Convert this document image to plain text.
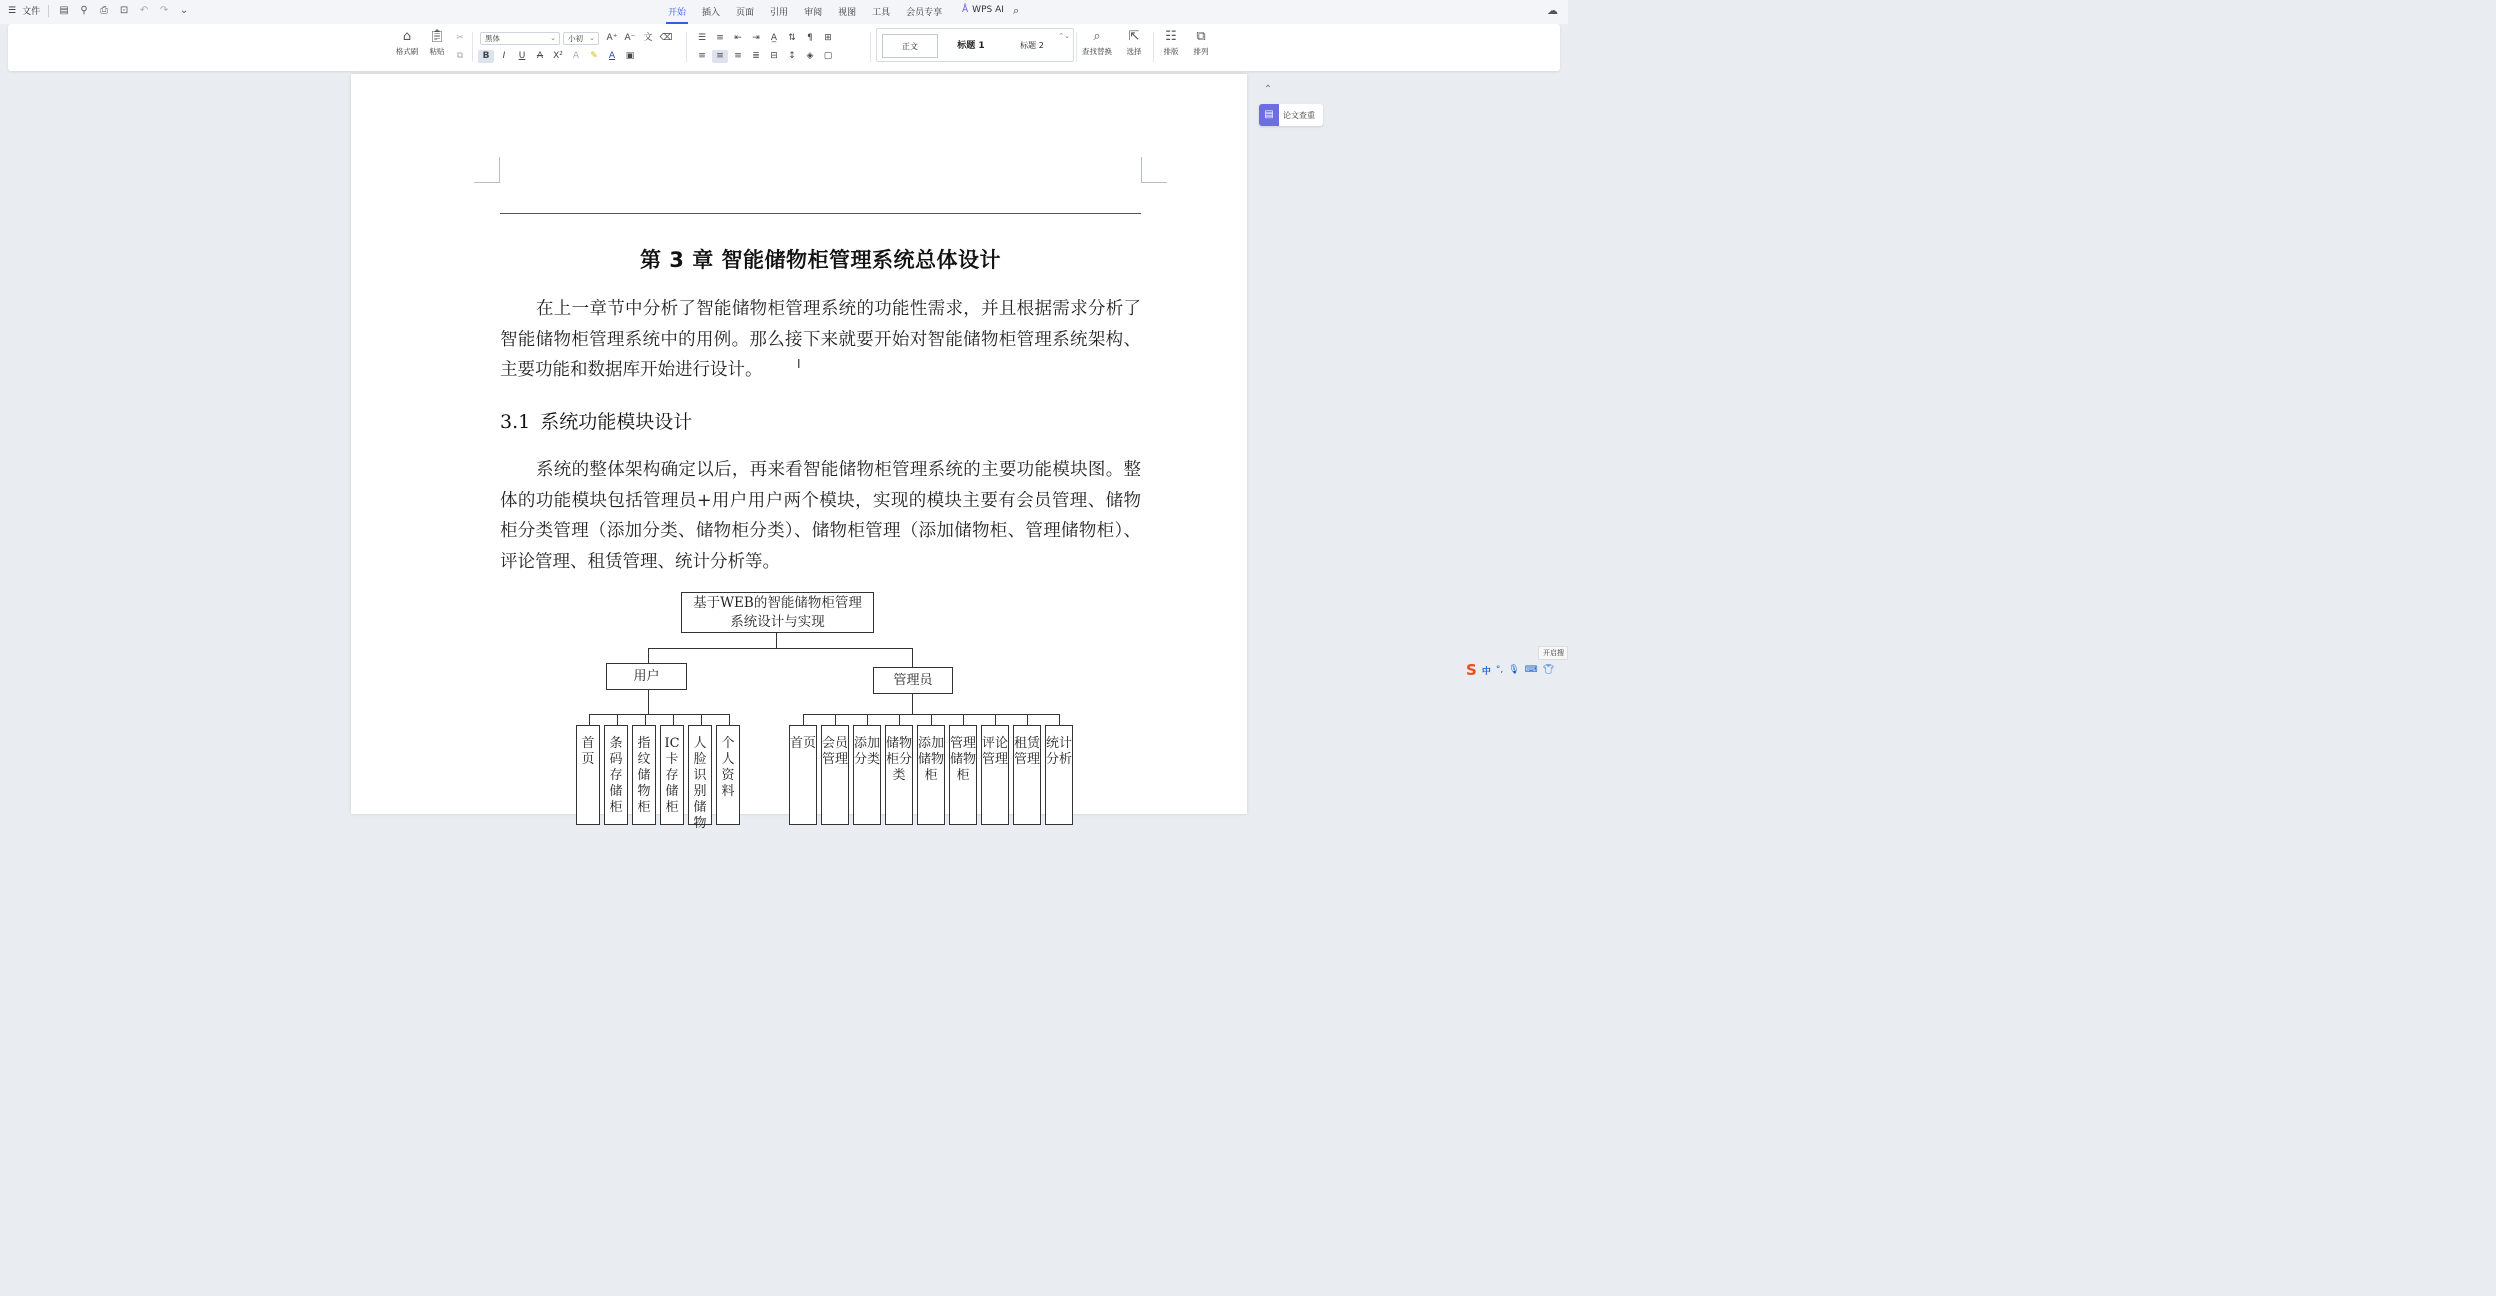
☰ 文件 ▤	⚲	⎙	⊡ ↶ ↷ ⌄	开始	插入	页面	引用	审阅	视图	工具	会员专享	Å WPS AI ⌕	☁
⌂
格式刷
📋︎
粘贴
✂
⧉
黑体	⌄	小初 ⌄ A⁺ A⁻ 文 ⌫
B	I	U	A	X²	A	✎	A	▣
☰	≡	⇤	⇥	A̲	⇅	¶	⊞
≡	≡	≡	≣	⊟	↕	◈	▢
正文	标题 1	标题 2
⌃⌄ ⌕
查找替换
⇱
选择
☷
排版
⧉
排列
第 3 章 智能储物柜管理系统总体设计
在上一章节中分析了智能储物柜管理系统的功能性需求，并且根据需求分析了智能储物柜管理系统中的用例。那么接下来就要开始对智能储物柜管理系统架构、主要功能和数据库开始进行设计。	I
3.1 系统功能模块设计
系统的整体架构确定以后，再来看智能储物柜管理系统的主要功能模块图。整体的功能模块包括管理员+用户用户两个模块，实现的模块主要有会员管理、储物柜分类管理（添加分类、储物柜分类）、储物柜管理（添加储物柜、管理储物柜）、评论管理、租赁管理、统计分析等。
基于WEB的智能储物柜管理
系统设计与实现
用户	管理员
首页
条码存储柜
指纹储物柜
IC卡存储柜
人脸识别储物
个人资料
首页 会员管理
添加分类
储物柜分类
添加储物柜
管理储物柜
评论管理
租赁管理
统计分析
⌃
▤	论文查重
开启搜
S 中 °, 🎙︎ ⌨ 👕︎
